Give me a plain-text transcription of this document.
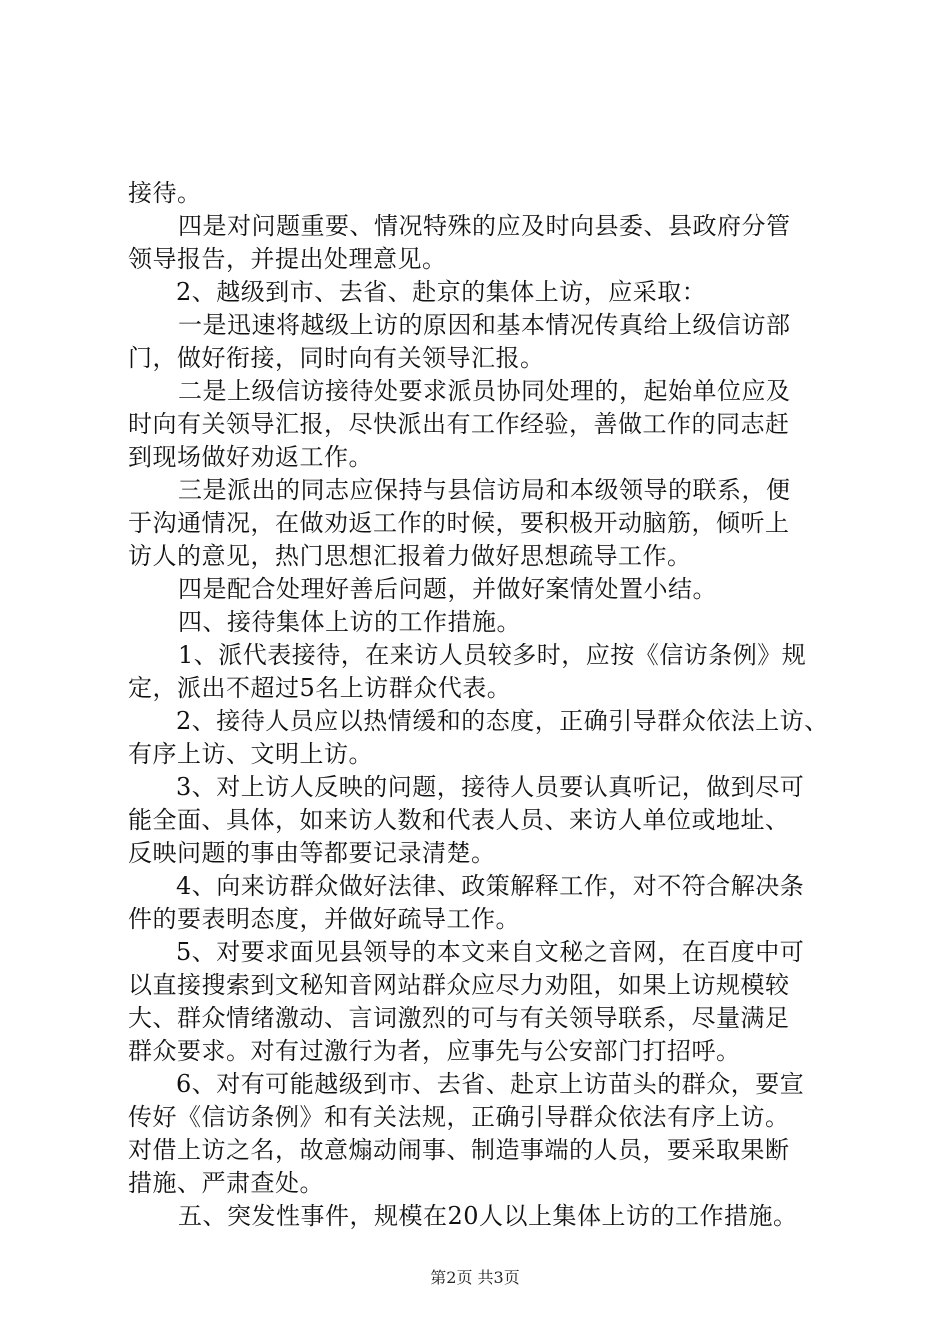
接待。
四是对问题重要、情况特殊的应及时向县委、县政府分管
领导报告，并提出处理意见。
2、越级到市、去省、赴京的集体上访，应采取：
一是迅速将越级上访的原因和基本情况传真给上级信访部
门，做好衔接，同时向有关领导汇报。
二是上级信访接待处要求派员协同处理的，起始单位应及
时向有关领导汇报，尽快派出有工作经验，善做工作的同志赶
到现场做好劝返工作。
三是派出的同志应保持与县信访局和本级领导的联系，便
于沟通情况，在做劝返工作的时候，要积极开动脑筋，倾听上
访人的意见，热门思想汇报着力做好思想疏导工作。
四是配合处理好善后问题，并做好案情处置小结。
四、接待集体上访的工作措施。
1、派代表接待，在来访人员较多时，应按《信访条例》规
定，派出不超过5名上访群众代表。
2、接待人员应以热情缓和的态度，正确引导群众依法上访、
有序上访、文明上访。
3、对上访人反映的问题，接待人员要认真听记，做到尽可
能全面、具体，如来访人数和代表人员、来访人单位或地址、
反映问题的事由等都要记录清楚。
4、向来访群众做好法律、政策解释工作，对不符合解决条
件的要表明态度，并做好疏导工作。
5、对要求面见县领导的本文来自文秘之音网，在百度中可
以直接搜索到文秘知音网站群众应尽力劝阻，如果上访规模较
大、群众情绪激动、言词激烈的可与有关领导联系，尽量满足
群众要求。对有过激行为者，应事先与公安部门打招呼。
6、对有可能越级到市、去省、赴京上访苗头的群众，要宣
传好《信访条例》和有关法规，正确引导群众依法有序上访。
对借上访之名，故意煽动闹事、制造事端的人员，要采取果断
措施、严肃查处。
五、突发性事件，规模在20人以上集体上访的工作措施。
第2页 共3页
